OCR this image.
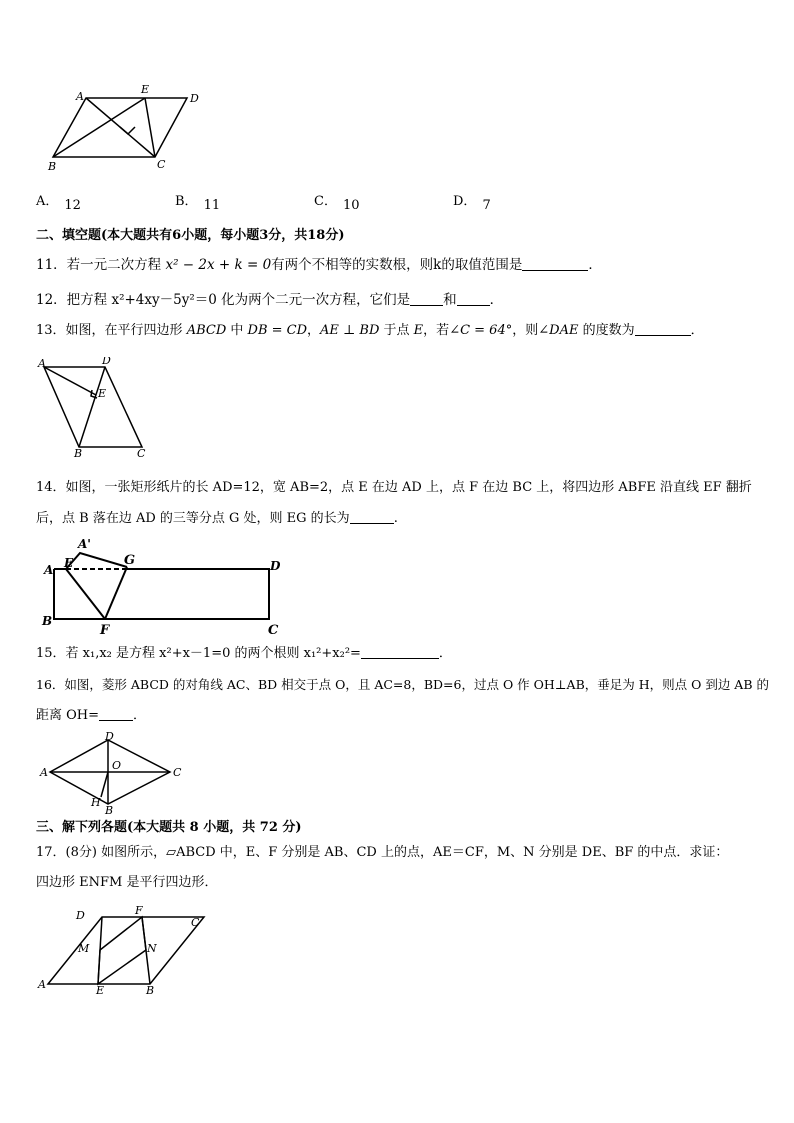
A
E
D
B	C
A． 12	B． 11	C． 10	D． 7
二、填空题(本大题共有6小题，每小题3分，共18分)
11．若一元二次方程 x² − 2x + k = 0有两个不相等的实数根，则k的取值范围是	．
12．把方程 x²+4xy－5y²＝0 化为两个二元一次方程，它们是 和 ．
13．如图，在平行四边形 ABCD 中 DB = CD，AE ⊥ BD 于点 E，若∠C = 64°，则∠DAE 的度数为	．
A	D
E
B	C
14．如图，一张矩形纸片的长 AD=12，宽 AB=2，点 E 在边 AD 上，点 F 在边 BC 上，将四边形 ABFE 沿直线 EF 翻折
后，点 B 落在边 AD 的三等分点 G 处，则 EG 的长为	.
A'
E	G
A	D
B
F	C
15．若 x₁,x₂ 是方程 x²+x－1=0 的两个根则 x₁²+x₂²=	．
16．如图，菱形 ABCD 的对角线 AC、BD 相交于点 O，且 AC=8，BD=6，过点 O 作 OH⊥AB，垂足为 H，则点 O 到边 AB 的
距离 OH=	．
A
D
C
O
H
B
三、解下列各题(本大题共 8 小题，共 72 分)
17．(8分) 如图所示，▱ABCD 中，E、F 分别是 AB、CD 上的点，AE＝CF，M、N 分别是 DE、BF 的中点．求证：
四边形 ENFM 是平行四边形．
D	F
C
M	N
A	E	B
